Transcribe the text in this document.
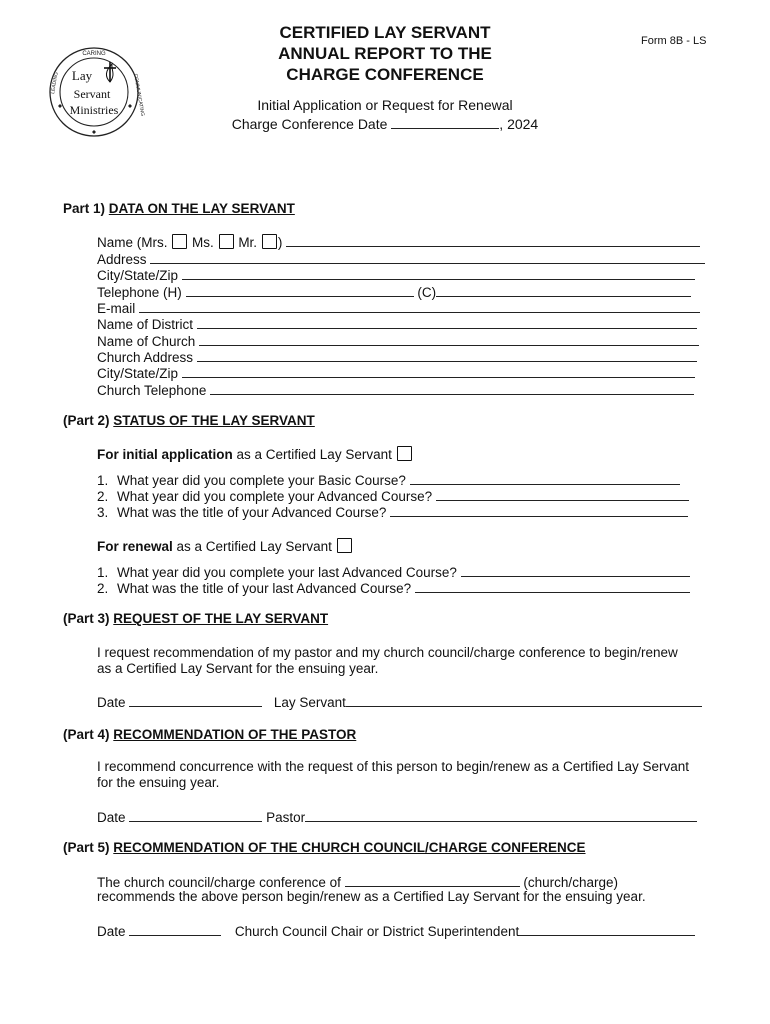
CARING
LEADING	COMMUNICATING
Lay
Servant
Ministries
CERTIFIED LAY SERVANT
ANNUAL REPORT TO THE
CHARGE CONFERENCE
Form 8B - LS
Initial Application or Request for Renewal
Charge Conference Date	, 2024
Part 1) DATA ON THE LAY SERVANT
Name (Mrs. Ms. Mr. )
Address
City/State/Zip
Telephone (H)	(C)
E-mail
Name of District
Name of Church
Church Address
City/State/Zip
Church Telephone
(Part 2) STATUS OF THE LAY SERVANT
For initial application as a Certified Lay Servant
1. What year did you complete your Basic Course?
2. What year did you complete your Advanced Course?
3. What was the title of your Advanced Course?
For renewal as a Certified Lay Servant
1. What year did you complete your last Advanced Course?
2. What was the title of your last Advanced Course?
(Part 3) REQUEST OF THE LAY SERVANT
I request recommendation of my pastor and my church council/charge conference to begin/renew
as a Certified Lay Servant for the ensuing year.
Date	Lay Servant
(Part 4) RECOMMENDATION OF THE PASTOR
I recommend concurrence with the request of this person to begin/renew as a Certified Lay Servant
for the ensuing year.
Date	Pastor
(Part 5) RECOMMENDATION OF THE CHURCH COUNCIL/CHARGE CONFERENCE
The church council/charge conference of	(church/charge)
recommends the above person begin/renew as a Certified Lay Servant for the ensuing year.
Date	Church Council Chair or District Superintendent
